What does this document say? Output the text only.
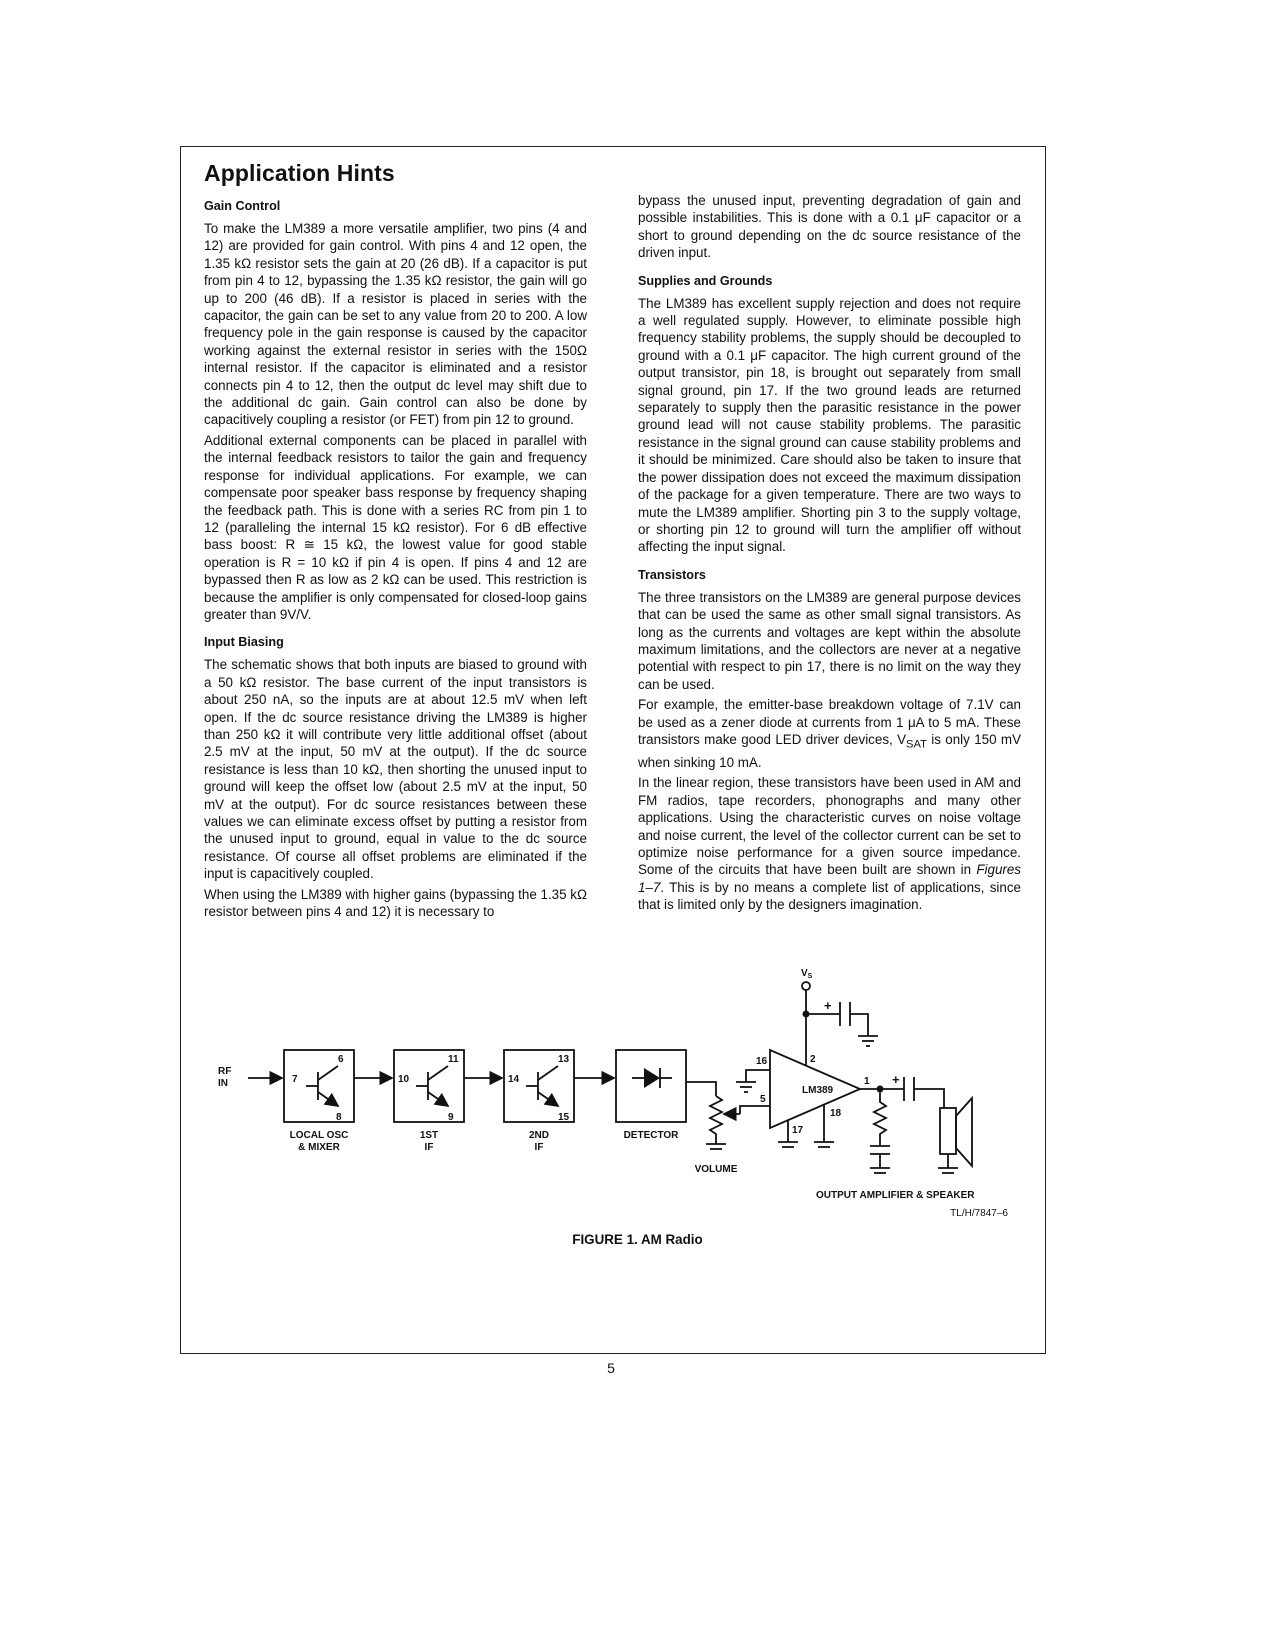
Application Hints
Gain Control

To make the LM389 a more versatile amplifier, two pins (4 and 12) are provided for gain control. With pins 4 and 12 open, the 1.35 kΩ resistor sets the gain at 20 (26 dB). If a capacitor is put from pin 4 to 12, bypassing the 1.35 kΩ resistor, the gain will go up to 200 (46 dB). If a resistor is placed in series with the capacitor, the gain can be set to any value from 20 to 200. A low frequency pole in the gain response is caused by the capacitor working against the external resistor in series with the 150Ω internal resistor. If the capacitor is eliminated and a resistor connects pin 4 to 12, then the output dc level may shift due to the additional dc gain. Gain control can also be done by capacitively coupling a resistor (or FET) from pin 12 to ground.

Additional external components can be placed in parallel with the internal feedback resistors to tailor the gain and frequency response for individual applications. For example, we can compensate poor speaker bass response by frequency shaping the feedback path. This is done with a series RC from pin 1 to 12 (paralleling the internal 15 kΩ resistor). For 6 dB effective bass boost: R ≅ 15 kΩ, the lowest value for good stable operation is R = 10 kΩ if pin 4 is open. If pins 4 and 12 are bypassed then R as low as 2 kΩ can be used. This restriction is because the amplifier is only compensated for closed-loop gains greater than 9V/V.

Input Biasing

The schematic shows that both inputs are biased to ground with a 50 kΩ resistor. The base current of the input transistors is about 250 nA, so the inputs are at about 12.5 mV when left open. If the dc source resistance driving the LM389 is higher than 250 kΩ it will contribute very little additional offset (about 2.5 mV at the input, 50 mV at the output). If the dc source resistance is less than 10 kΩ, then shorting the unused input to ground will keep the offset low (about 2.5 mV at the input, 50 mV at the output). For dc source resistances between these values we can eliminate excess offset by putting a resistor from the unused input to ground, equal in value to the dc source resistance. Of course all offset problems are eliminated if the input is capacitively coupled.

When using the LM389 with higher gains (bypassing the 1.35 kΩ resistor between pins 4 and 12) it is necessary to

bypass the unused input, preventing degradation of gain and possible instabilities. This is done with a 0.1 μF capacitor or a short to ground depending on the dc source resistance of the driven input.

Supplies and Grounds

The LM389 has excellent supply rejection and does not require a well regulated supply. However, to eliminate possible high frequency stability problems, the supply should be decoupled to ground with a 0.1 μF capacitor. The high current ground of the output transistor, pin 18, is brought out separately from small signal ground, pin 17. If the two ground leads are returned separately to supply then the parasitic resistance in the power ground lead will not cause stability problems. The parasitic resistance in the signal ground can cause stability problems and it should be minimized. Care should also be taken to insure that the power dissipation does not exceed the maximum dissipation of the package for a given temperature. There are two ways to mute the LM389 amplifier. Shorting pin 3 to the supply voltage, or shorting pin 12 to ground will turn the amplifier off without affecting the input signal.

Transistors

The three transistors on the LM389 are general purpose devices that can be used the same as other small signal transistors. As long as the currents and voltages are kept within the absolute maximum limitations, and the collectors are never at a negative potential with respect to pin 17, there is no limit on the way they can be used.

For example, the emitter-base breakdown voltage of 7.1V can be used as a zener diode at currents from 1 μA to 5 mA. These transistors make good LED driver devices, $V_{SAT}$ is only 150 mV when sinking 10 mA.

In the linear region, these transistors have been used in AM and FM radios, tape recorders, phonographs and many other applications. Using the characteristic curves on noise voltage and noise current, the level of the collector current can be set to optimize noise performance for a given source impedance. Some of the circuits that have been built are shown in Figures 1–7. This is by no means a complete list of applications, since that is limited only by the designers imagination.

RF
IN	7
6
8
LOCAL OSC
& MIXER
10
11
9
1ST
IF
14
13
15
2ND
IF
DETECTOR
VOLUME
LM389
$V_S$
16	2
5
1
18
17
+
+
OUTPUT AMPLIFIER & SPEAKER
TL/H/7847–6

FIGURE 1. AM Radio

5
